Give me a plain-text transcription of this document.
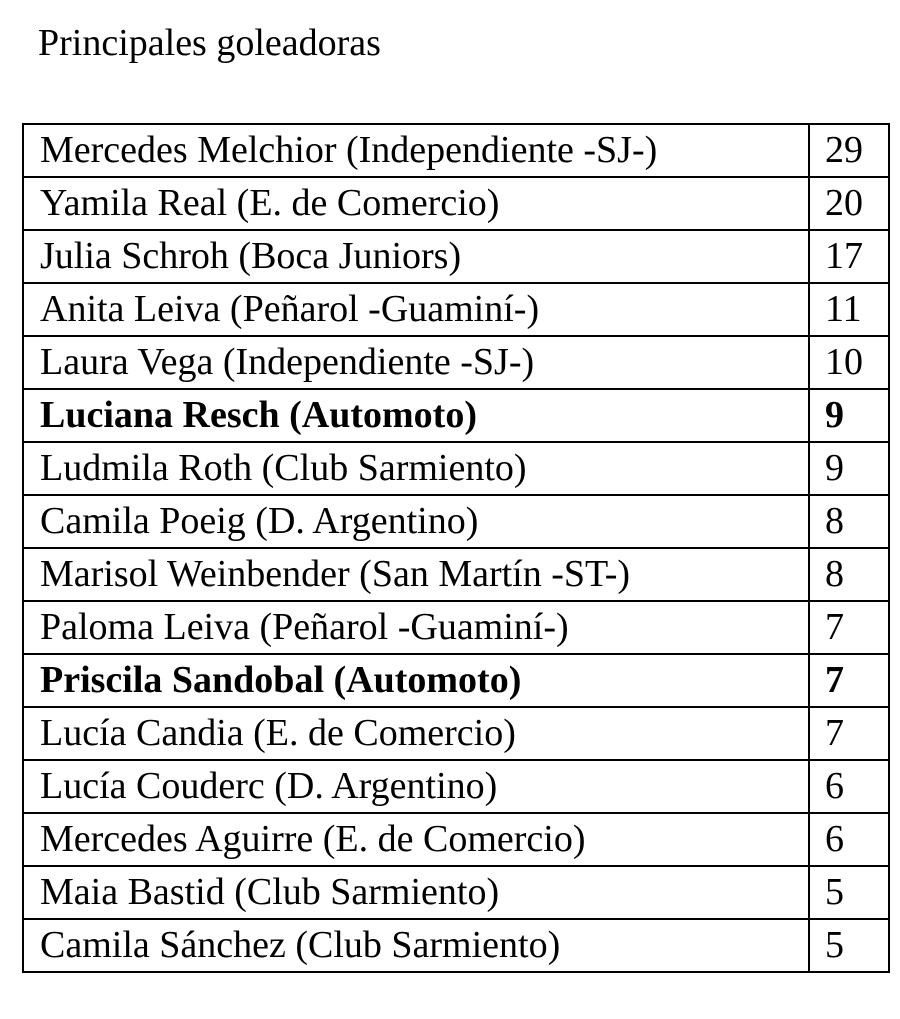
Principales goleadoras
Mercedes Melchior (Independiente -SJ-)	29
Yamila Real (E. de Comercio)	20
Julia Schroh (Boca Juniors)	17
Anita Leiva (Peñarol -Guaminí-)	11
Laura Vega (Independiente -SJ-)	10
Luciana Resch (Automoto)	9
Ludmila Roth (Club Sarmiento)	9
Camila Poeig (D. Argentino)	8
Marisol Weinbender (San Martín -ST-)	8
Paloma Leiva (Peñarol -Guaminí-)	7
Priscila Sandobal (Automoto)	7
Lucía Candia (E. de Comercio)	7
Lucía Couderc (D. Argentino)	6
Mercedes Aguirre (E. de Comercio)	6
Maia Bastid (Club Sarmiento)	5
Camila Sánchez (Club Sarmiento)	5
